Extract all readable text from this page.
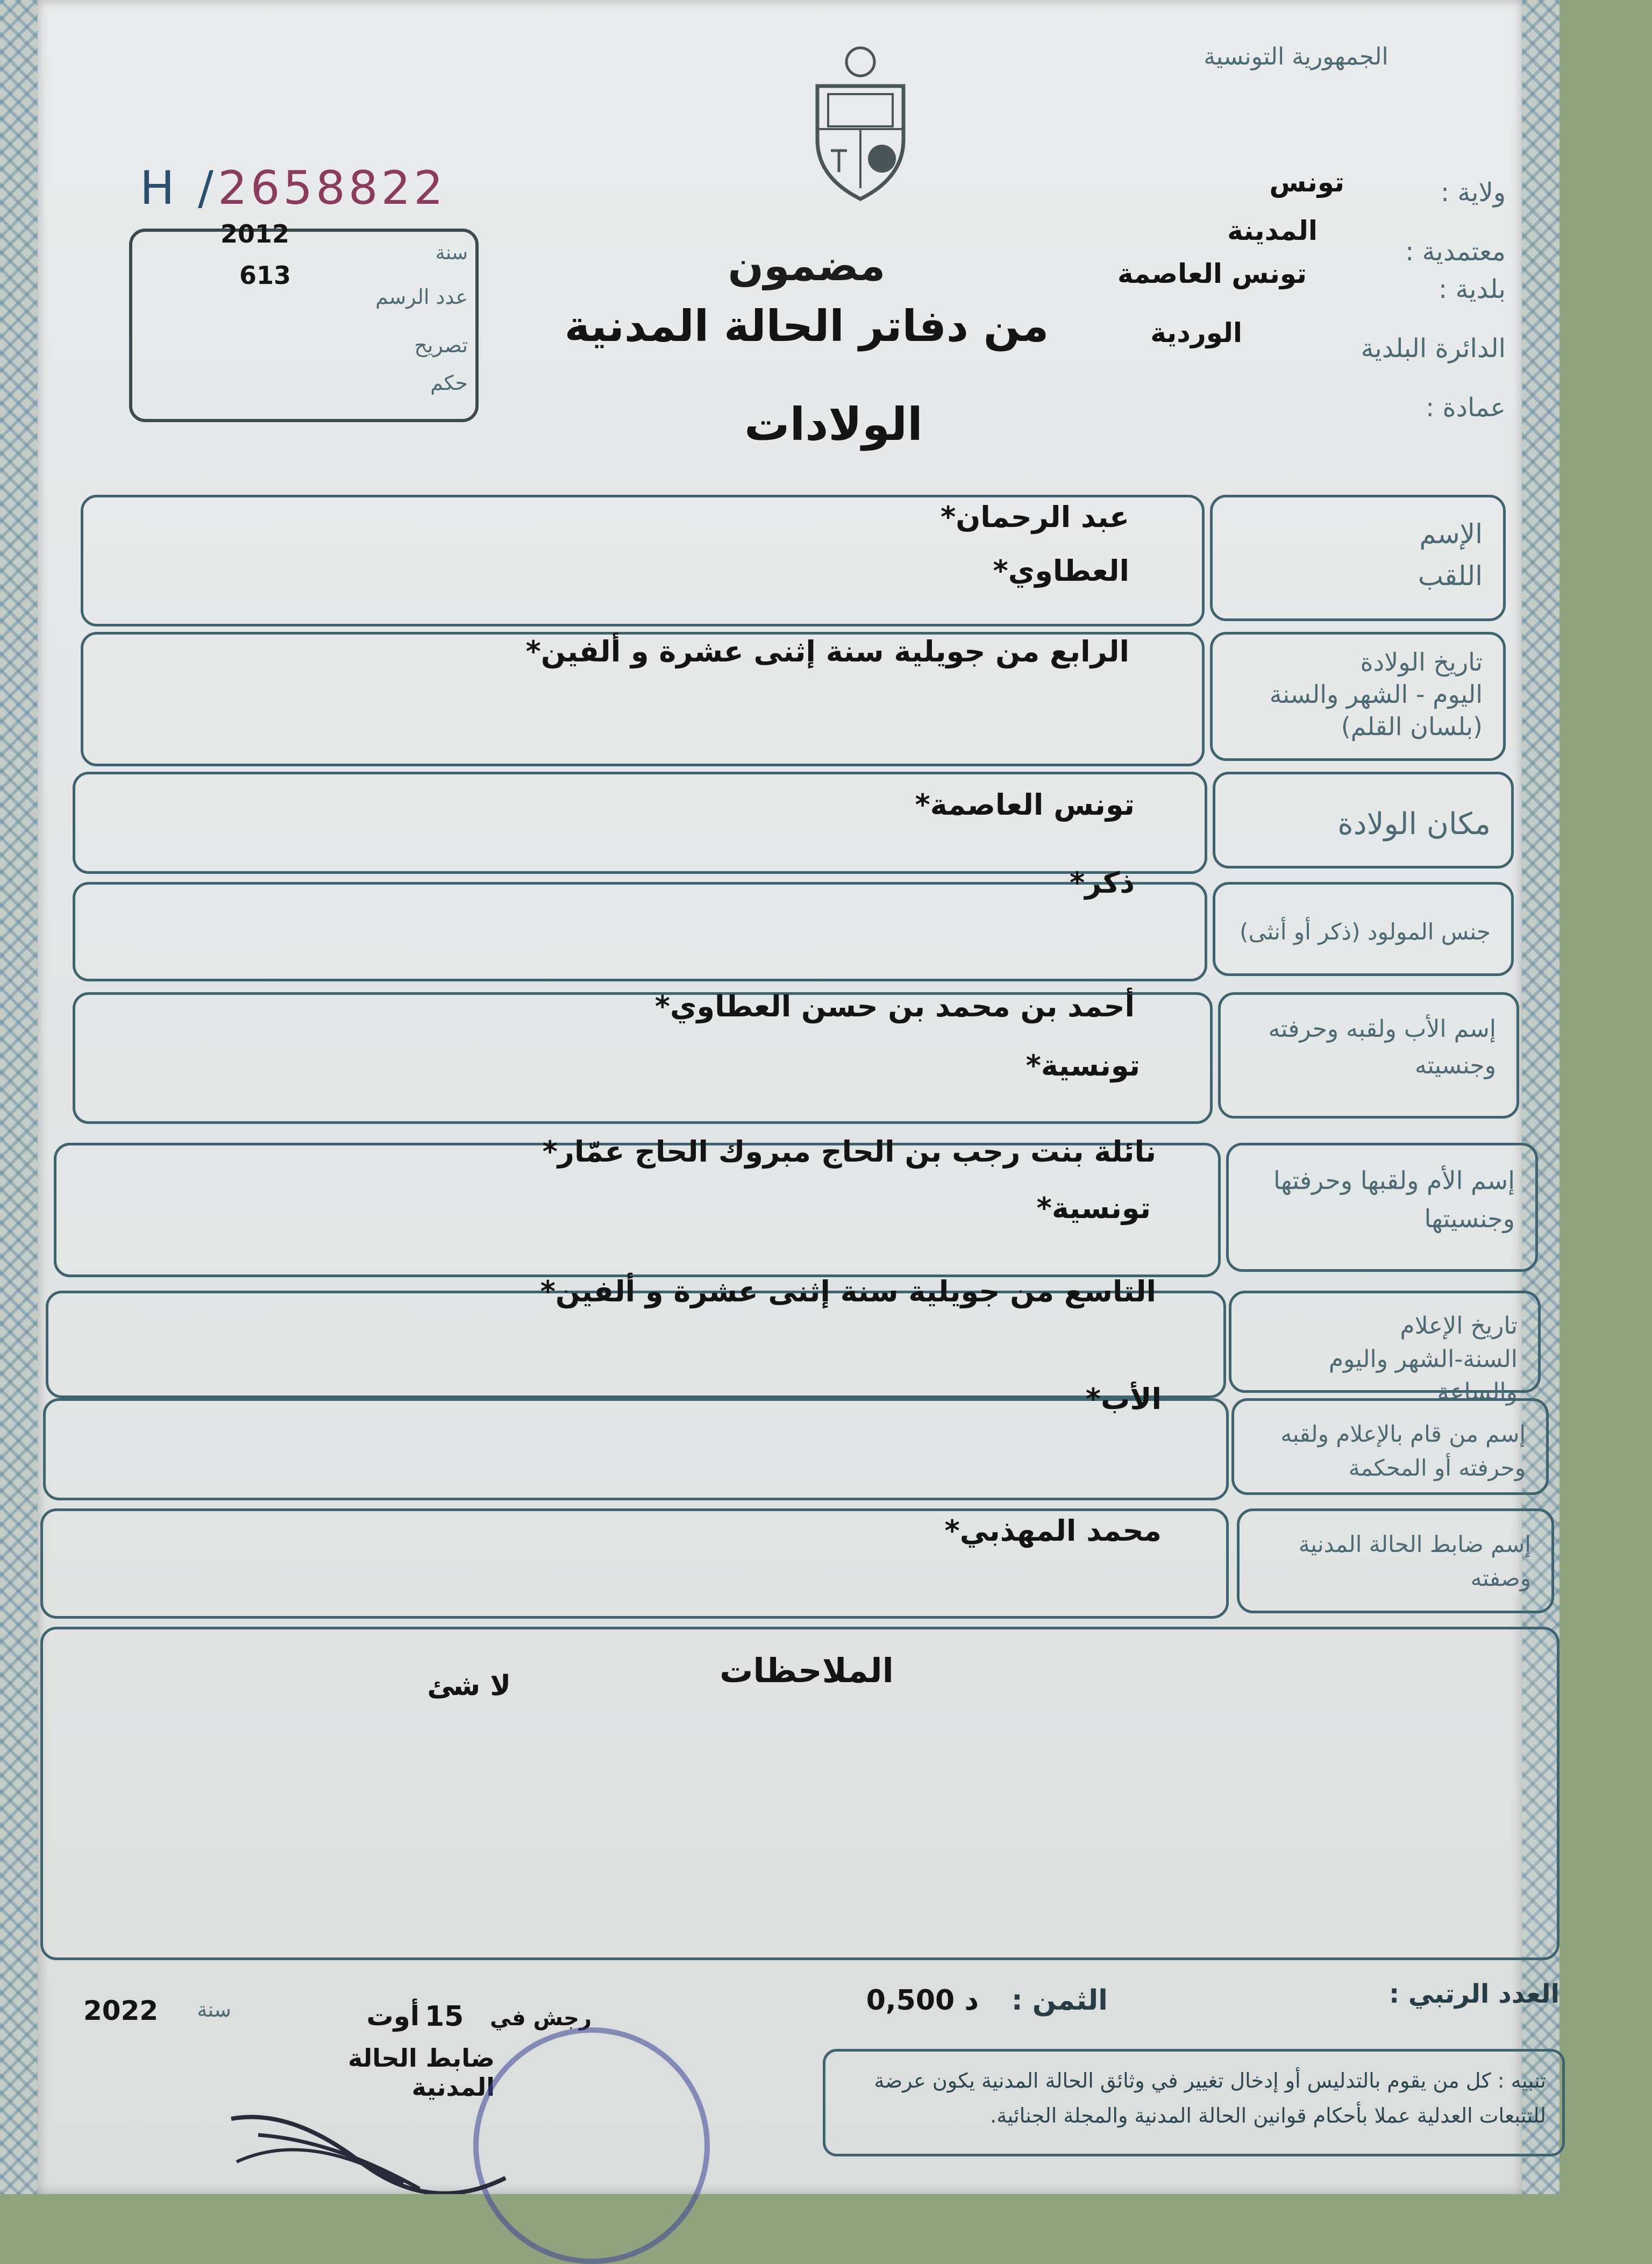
الجمهورية التونسية
H /2658822
2012
613
سنة
عدد الرسم
تصريح
حكم
ولاية :
تونس
معتمدية :
المدينة
بلدية :
تونس العاصمة
الدائرة البلدية
الوردية
عمادة :
مضمون
من دفاتر الحالة المدنية
الولادات
الإسم
اللقب
عبد الرحمان*
العطاوي*
تاريخ الولادة
اليوم - الشهر والسنة
(بلسان القلم)
الرابع من جويلية سنة إثنى عشرة و ألفين*
مكان الولادة
تونس العاصمة*
جنس المولود (ذكر أو أنثى)
ذكر*
إسم الأب ولقبه وحرفته
وجنسيته
أحمد بن محمد بن حسن العطاوي*
تونسية*
إسم الأم ولقبها وحرفتها
وجنسيتها
نائلة بنت رجب بن الحاج مبروك الحاج عمّار*
تونسية*
تاريخ الإعلام
السنة-الشهر واليوم والساعة
التاسع من جويلية سنة إثنى عشرة و ألفين*
إسم من قام بالإعلام ولقبه
وحرفته أو المحكمة
الأب*
إسم ضابط الحالة المدنية
وصفته
محمد المهذبي*
الملاحظات
لا شئ
العدد الرتبي :
الثمن :
0,500 د
15
أوت	رجش في
سنة
2022
ضابط الحالة المدنية	تنبيه : كل من يقوم بالتدليس أو إدخال تغيير في وثائق الحالة المدنية يكون عرضة للتتبعات العدلية عملا بأحكام قوانين الحالة المدنية والمجلة الجنائية.
